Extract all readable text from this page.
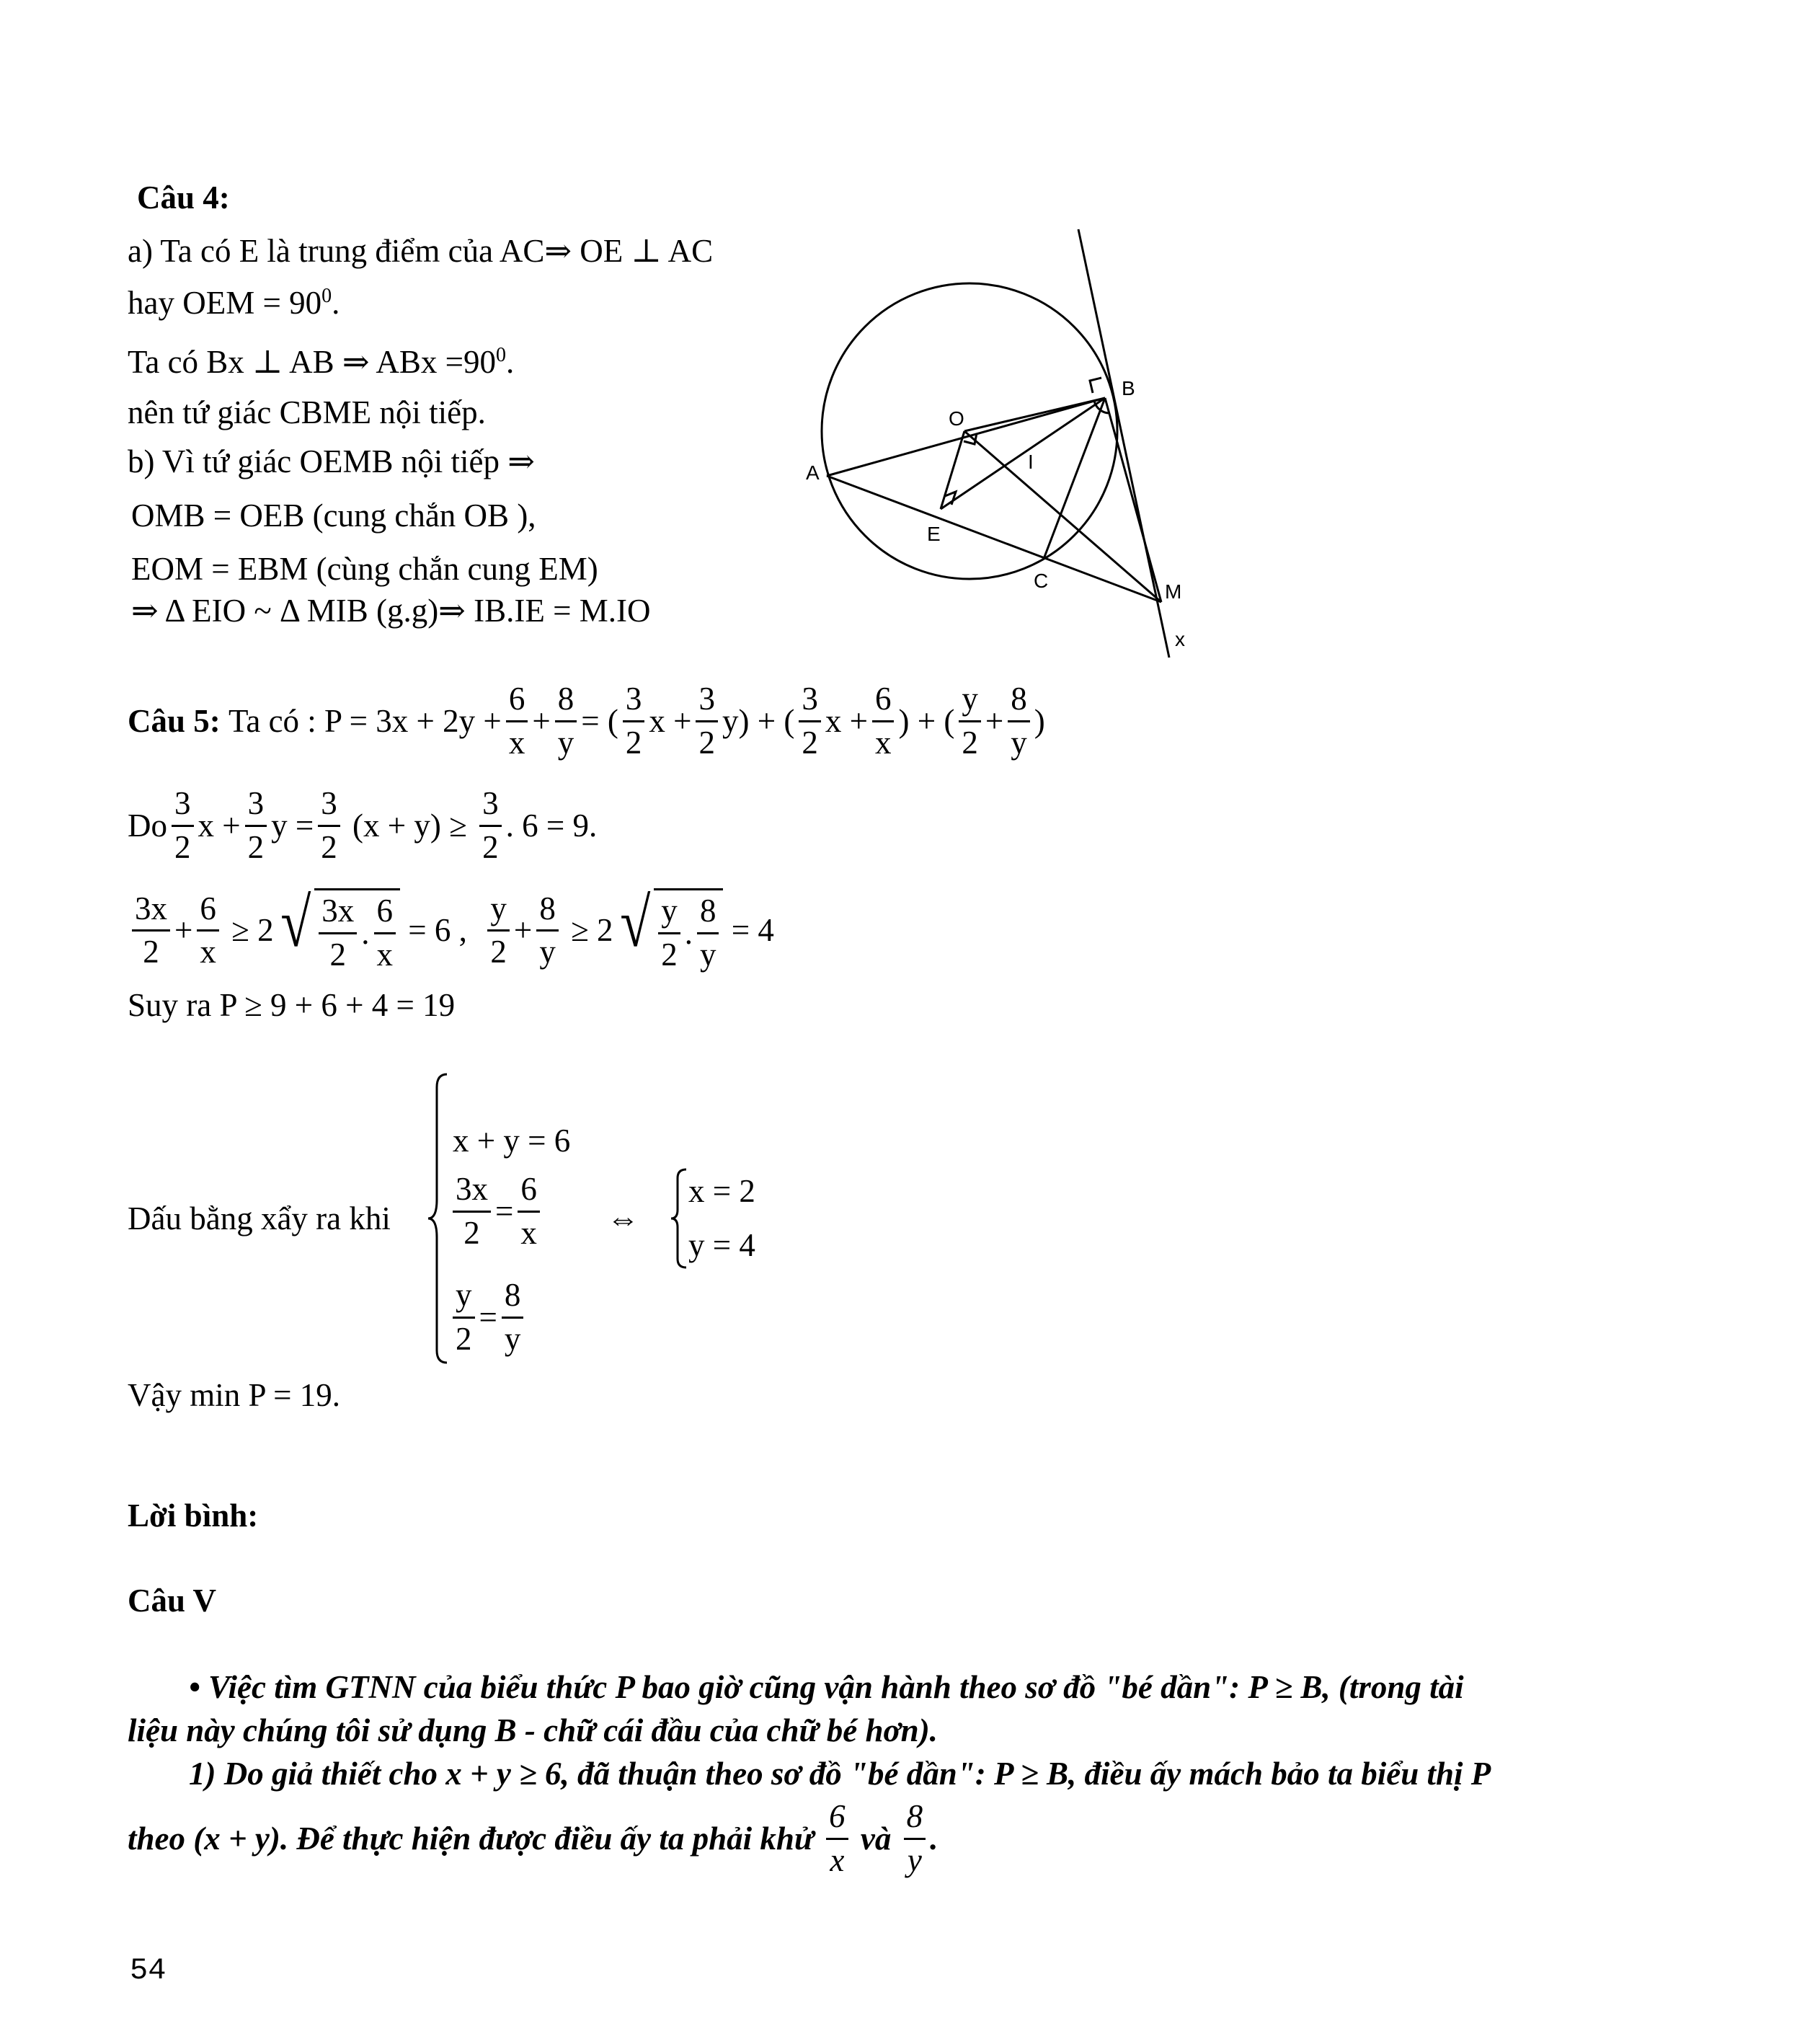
Câu 4:
a) Ta có E là trung điểm của AC⇒ OE ⊥ AC
hay OEM = $90^0$.
Ta có Bx ⊥ AB ⇒ ABx $=90^0$.
nên tứ giác CBME nội tiếp.
b) Vì tứ giác OEMB nội tiếp ⇒
OMB = OEB (cung chắn OB ),
EOM = EBM (cùng chắn cung EM)
⇒ Δ EIO ~ Δ MIB (g.g)⇒ IB.IE = M.IO
A
B
O
I
E
C	M
x
Câu 5:
Ta có : $P = 3x + 2y + \frac{6}{x} + \frac{8}{y}$ = ( $\frac{3}{2}$ $x + \frac{3}{2} y$) + ( $\frac{3}{2}$ $x + \frac{6}{x}$ ) + ( $\frac{y}{2} + \frac{8}{y}$ )
Do $\frac{3}{2}$ $x + \frac{3}{2}$ $y = \frac{3}{2}$
(x + y) ≥
$\frac{3}{2}$ . 6 = 9.
$\frac{3x}{2} + \frac{6}{x}$
≥ 2 √ $\frac{3x}{2}$ . $\frac{6}{x}$
= 6 ,
$\frac{y}{2} + \frac{8}{y}$
≥ 2 √ $\frac{y}{2}$ . $\frac{8}{y}$
= 4
Suy ra P ≥ 9 + 6 + 4 = 19
Dấu bằng xẩy ra khi
x + y = 6
$\frac{3x}{2} = \frac{6}{x}$
$\frac{y}{2} = \frac{8}{y}$
⇔
x = 2
y = 4
Vậy min P = 19.
Lời bình:
Câu V
• Việc tìm GTNN của biểu thức P bao giờ cũng vận hành theo sơ đồ "bé dần": P ≥ B, (trong tài
liệu này chúng tôi sử dụng B - chữ cái đầu của chữ bé hơn).
1) Do giả thiết cho x + y ≥ 6, đã thuận theo sơ đồ "bé dần": P ≥ B, điều ấy mách bảo ta biểu thị P
theo (x + y). Để thực hiện được điều ấy ta phải khử
$\frac{6}{x}$
và
$\frac{8}{y}$ .
54
